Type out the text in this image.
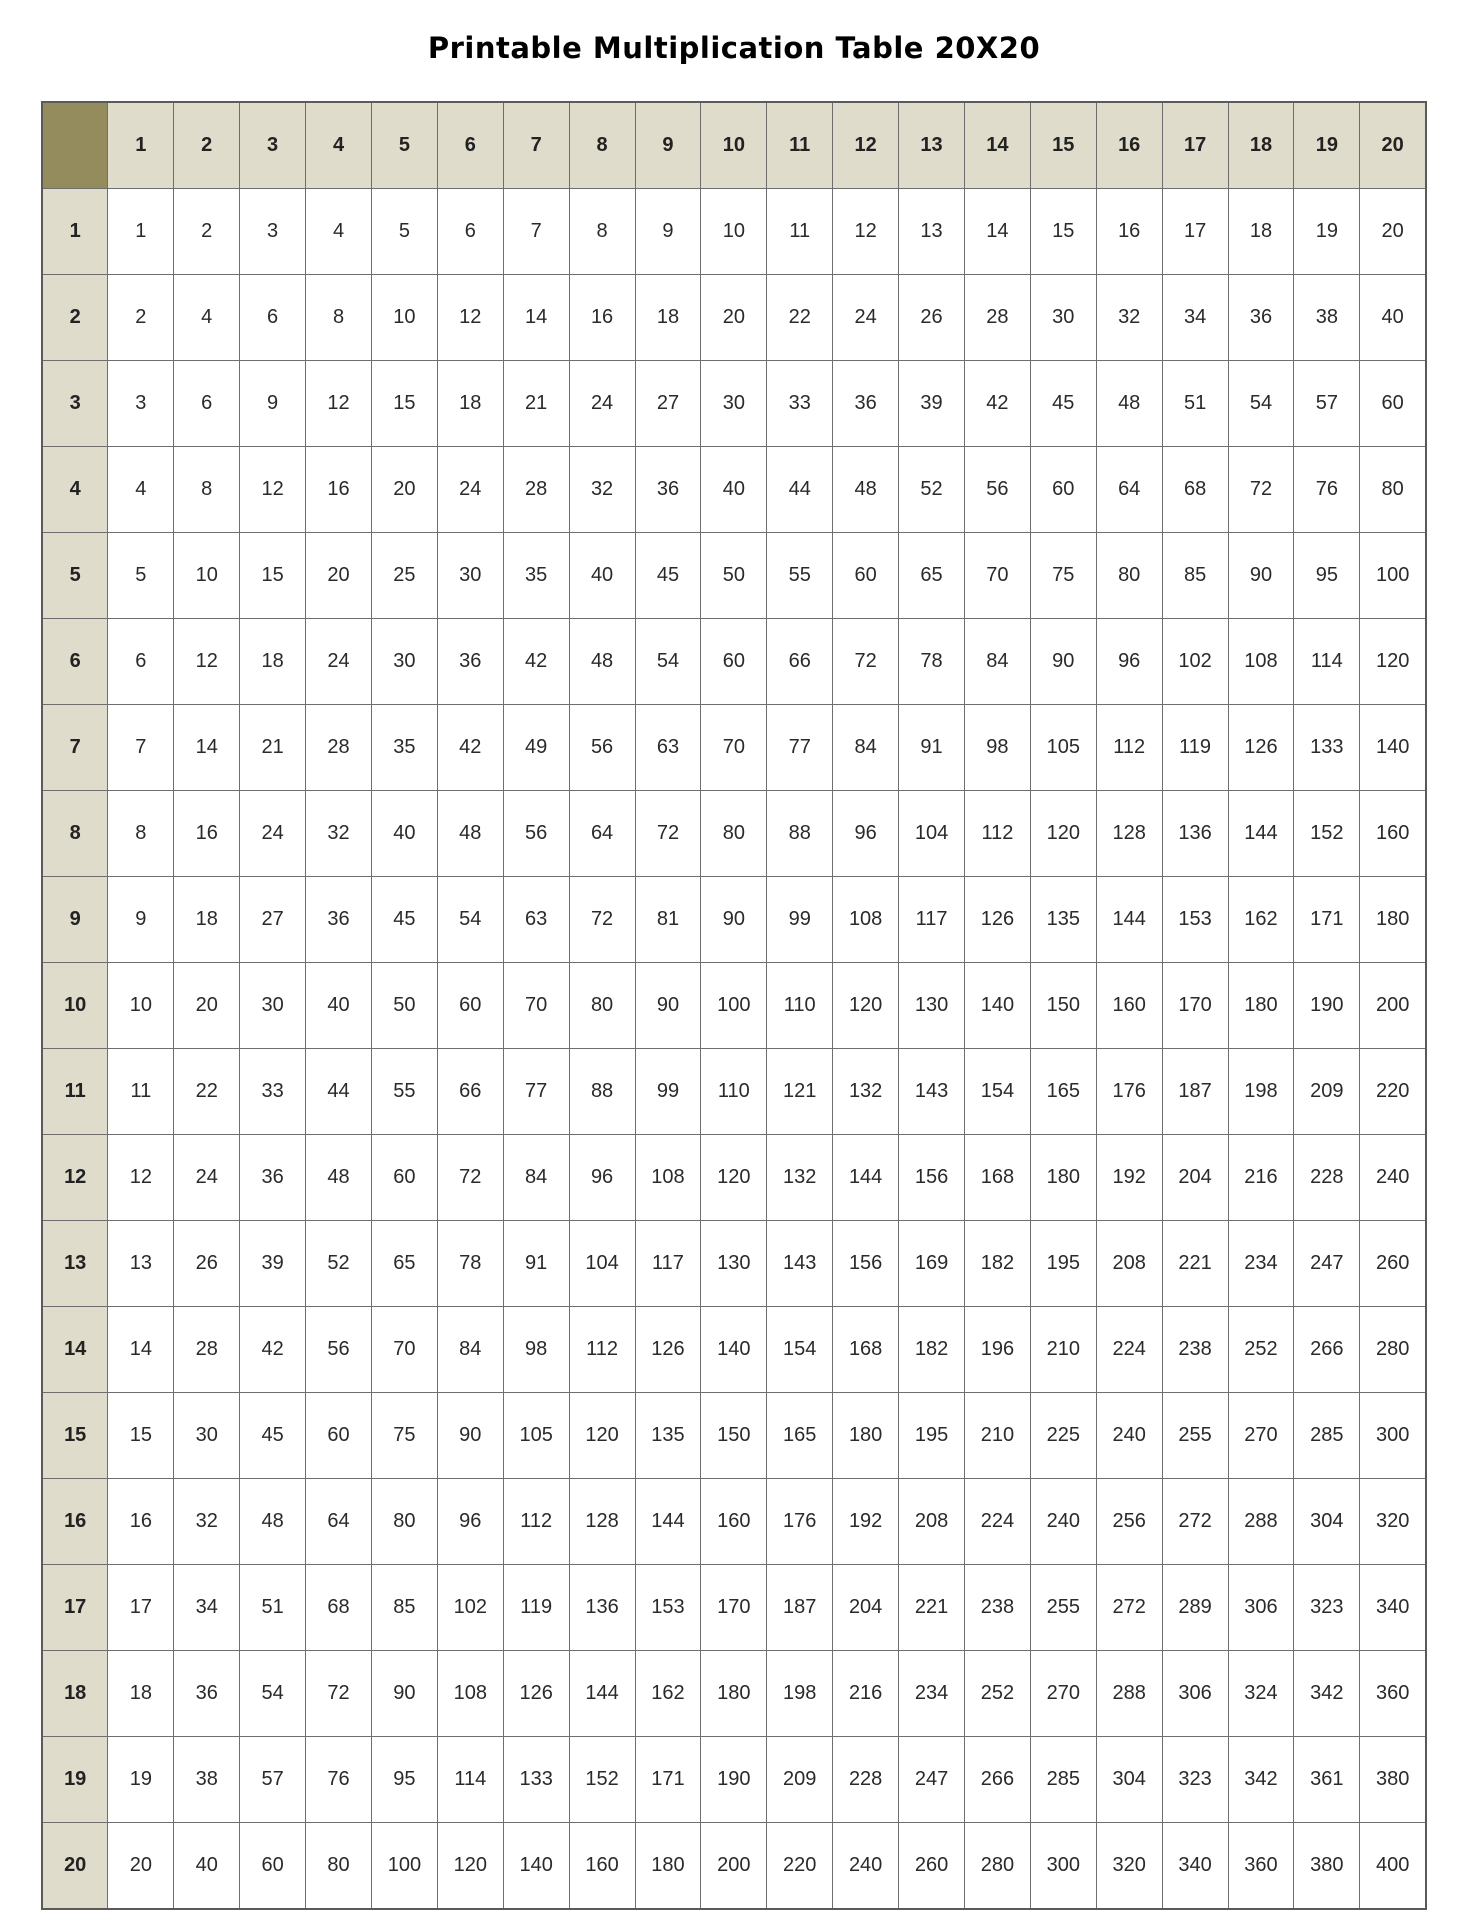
Printable Multiplication Table 20X20
	1	2	3	4	5	6	7	8	9	10	11	12	13	14	15	16	17	18	19	20
1	1	2	3	4	5	6	7	8	9	10	11	12	13	14	15	16	17	18	19	20
2	2	4	6	8	10	12	14	16	18	20	22	24	26	28	30	32	34	36	38	40
3	3	6	9	12	15	18	21	24	27	30	33	36	39	42	45	48	51	54	57	60
4	4	8	12	16	20	24	28	32	36	40	44	48	52	56	60	64	68	72	76	80
5	5	10	15	20	25	30	35	40	45	50	55	60	65	70	75	80	85	90	95	100
6	6	12	18	24	30	36	42	48	54	60	66	72	78	84	90	96	102	108	114	120
7	7	14	21	28	35	42	49	56	63	70	77	84	91	98	105	112	119	126	133	140
8	8	16	24	32	40	48	56	64	72	80	88	96	104	112	120	128	136	144	152	160
9	9	18	27	36	45	54	63	72	81	90	99	108	117	126	135	144	153	162	171	180
10	10	20	30	40	50	60	70	80	90	100	110	120	130	140	150	160	170	180	190	200
11	11	22	33	44	55	66	77	88	99	110	121	132	143	154	165	176	187	198	209	220
12	12	24	36	48	60	72	84	96	108	120	132	144	156	168	180	192	204	216	228	240
13	13	26	39	52	65	78	91	104	117	130	143	156	169	182	195	208	221	234	247	260
14	14	28	42	56	70	84	98	112	126	140	154	168	182	196	210	224	238	252	266	280
15	15	30	45	60	75	90	105	120	135	150	165	180	195	210	225	240	255	270	285	300
16	16	32	48	64	80	96	112	128	144	160	176	192	208	224	240	256	272	288	304	320
17	17	34	51	68	85	102	119	136	153	170	187	204	221	238	255	272	289	306	323	340
18	18	36	54	72	90	108	126	144	162	180	198	216	234	252	270	288	306	324	342	360
19	19	38	57	76	95	114	133	152	171	190	209	228	247	266	285	304	323	342	361	380
20	20	40	60	80	100	120	140	160	180	200	220	240	260	280	300	320	340	360	380	400
